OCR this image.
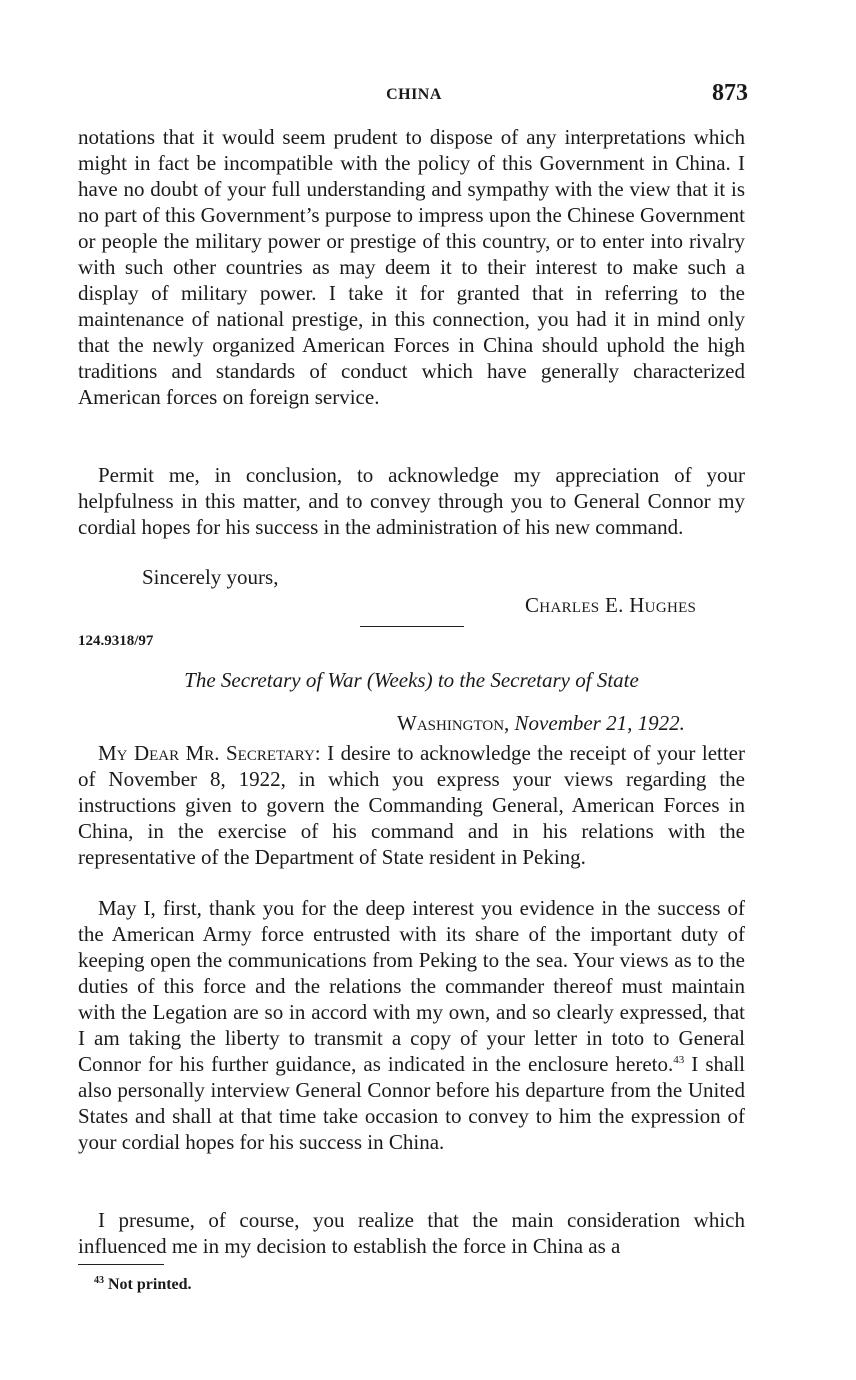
CHINA	873

notations that it would seem prudent to dispose of any interpretations which might in fact be incompatible with the policy of this Government in China. I have no doubt of your full understanding and sympathy with the view that it is no part of this Government’s purpose to impress upon the Chinese Government or people the military power or prestige of this country, or to enter into rivalry with such other countries as may deem it to their interest to make such a display of military power. I take it for granted that in referring to the maintenance of national prestige, in this connection, you had it in mind only that the newly organized American Forces in China should uphold the high traditions and standards of conduct which have generally characterized American forces on foreign service.

Permit me, in conclusion, to acknowledge my appreciation of your helpfulness in this matter, and to convey through you to General Connor my cordial hopes for his success in the administration of his new command.

Sincerely yours,
Charles E. Hughes
124.9318/97
The Secretary of War (Weeks) to the Secretary of State
Washington, November 21, 1922.

My Dear Mr. Secretary: I desire to acknowledge the receipt of your letter of November 8, 1922, in which you express your views regarding the instructions given to govern the Commanding General, American Forces in China, in the exercise of his command and in his relations with the representative of the Department of State resident in Peking.

May I, first, thank you for the deep interest you evidence in the success of the American Army force entrusted with its share of the important duty of keeping open the communications from Peking to the sea. Your views as to the duties of this force and the relations the commander thereof must maintain with the Legation are so in accord with my own, and so clearly expressed, that I am taking the liberty to transmit a copy of your letter in toto to General Connor for his further guidance, as indicated in the enclosure hereto.$^{43}$ I shall also personally interview General Connor before his departure from the United States and shall at that time take occasion to convey to him the expression of your cordial hopes for his success in China.

I presume, of course, you realize that the main consideration which influenced me in my decision to establish the force in China as a

$^{43}$ Not printed.
